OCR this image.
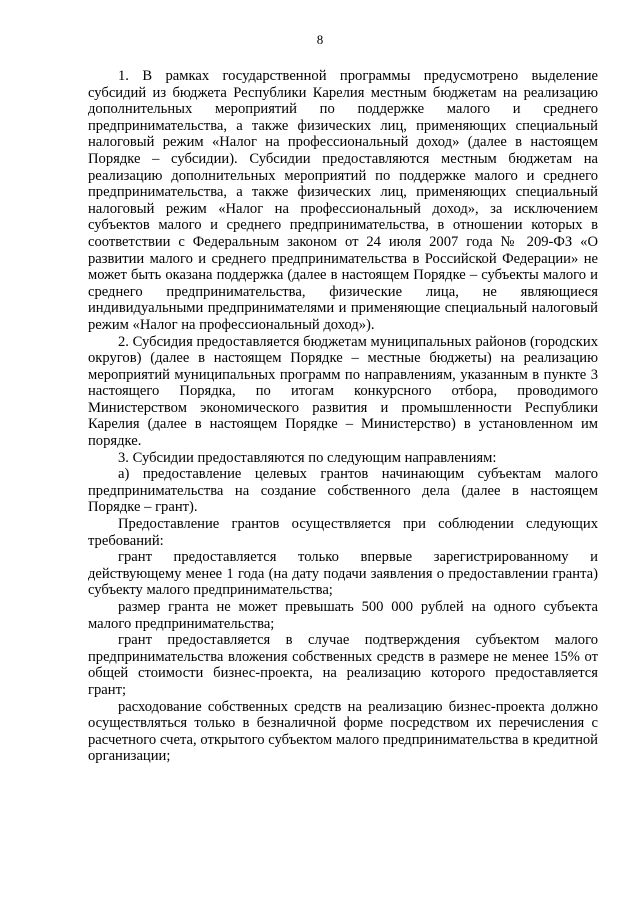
8

1. В рамках государственной программы предусмотрено выделение субсидий из бюджета Республики Карелия местным бюджетам на реализацию дополнительных мероприятий по поддержке малого и среднего предпринимательства, а также физических лиц, применяющих специальный налоговый режим «Налог на профессиональный доход» (далее в настоящем Порядке – субсидии). Субсидии предоставляются местным бюджетам на реализацию дополнительных мероприятий по поддержке малого и среднего предпринимательства, а также физических лиц, применяющих специальный налоговый режим «Налог на профессиональный доход», за исключением субъектов малого и среднего предпринимательства, в отношении которых в соответствии с Федеральным законом от 24 июля 2007 года № 209-ФЗ «О развитии малого и среднего предпринимательства в Российской Федерации» не может быть оказана поддержка (далее в настоящем Порядке – субъекты малого и среднего предпринимательства, физические лица, не являющиеся индивидуальными предпринимателями и применяющие специальный налоговый режим «Налог на профессиональный доход»).

2. Субсидия предоставляется бюджетам муниципальных районов (городских округов) (далее в настоящем Порядке – местные бюджеты) на реализацию мероприятий муниципальных программ по направлениям, указанным в пункте 3 настоящего Порядка, по итогам конкурсного отбора, проводимого Министерством экономического развития и промышленности Республики Карелия (далее в настоящем Порядке – Министерство) в установленном им порядке.

3. Субсидии предоставляются по следующим направлениям:

а) предоставление целевых грантов начинающим субъектам малого предпринимательства на создание собственного дела (далее в настоящем Порядке – грант).

Предоставление грантов осуществляется при соблюдении следующих требований:

грант предоставляется только впервые зарегистрированному и действующему менее 1 года (на дату подачи заявления о предоставлении гранта) субъекту малого предпринимательства;

размер гранта не может превышать 500 000 рублей на одного субъекта малого предпринимательства;

грант предоставляется в случае подтверждения субъектом малого предпринимательства вложения собственных средств в размере не менее 15% от общей стоимости бизнес-проекта, на реализацию которого предоставляется грант;

расходование собственных средств на реализацию бизнес-проекта должно осуществляться только в безналичной форме посредством их перечисления с расчетного счета, открытого субъектом малого предпринимательства в кредитной организации;
